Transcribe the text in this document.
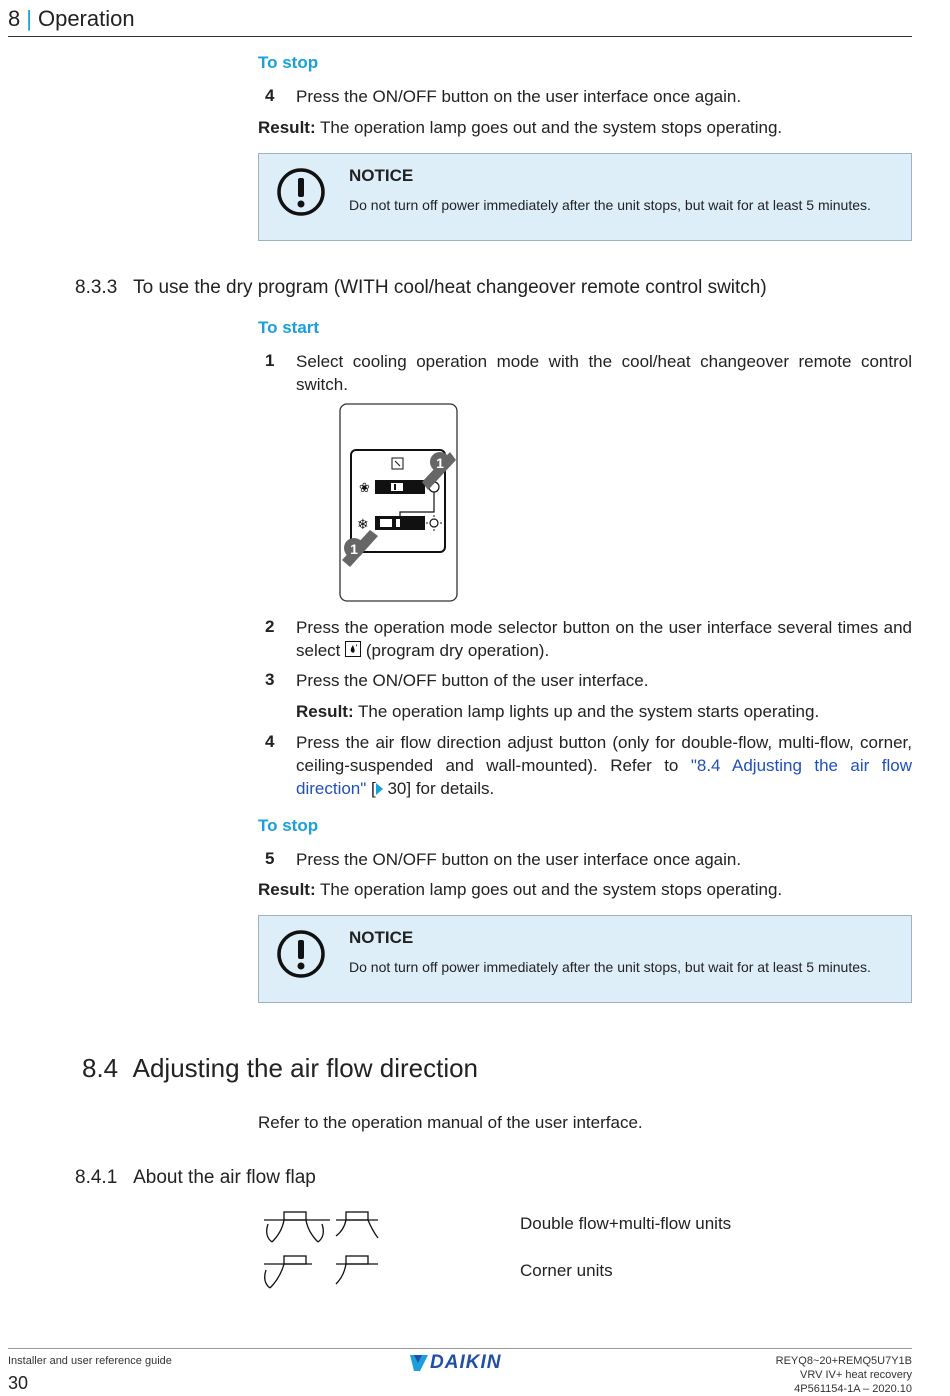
8 | Operation
To stop
4 Press the ON/OFF button on the user interface once again.
Result: The operation lamp goes out and the system stops operating.
NOTICE
Do not turn off power immediately after the unit stops, but wait for at least 5 minutes.
8.3.3 To use the dry program (WITH cool/heat changeover remote control switch)
To start
1 Select cooling operation mode with the cool/heat changeover remote control switch.
❀
❄
1
1
2 Press the operation mode selector button on the user interface several times and select
(program dry operation).
3 Press the ON/OFF button of the user interface.
Result: The operation lamp lights up and the system starts operating.
4 Press the air flow direction adjust button (only for double-flow, multi-flow, corner, ceiling-suspended and wall-mounted). Refer to "8.4 Adjusting the air flow direction" [ 30] for details.
To stop
5 Press the ON/OFF button on the user interface once again.
Result: The operation lamp goes out and the system stops operating.
NOTICE
Do not turn off power immediately after the unit stops, but wait for at least 5 minutes.
8.4 Adjusting the air flow direction
Refer to the operation manual of the user interface.
8.4.1 About the air flow flap
Double flow+multi-flow units
Corner units
Installer and user reference guide
30
DAIKIN	REYQ8~20+REMQ5U7Y1B
VRV IV+ heat recovery
4P561154-1A – 2020.10
